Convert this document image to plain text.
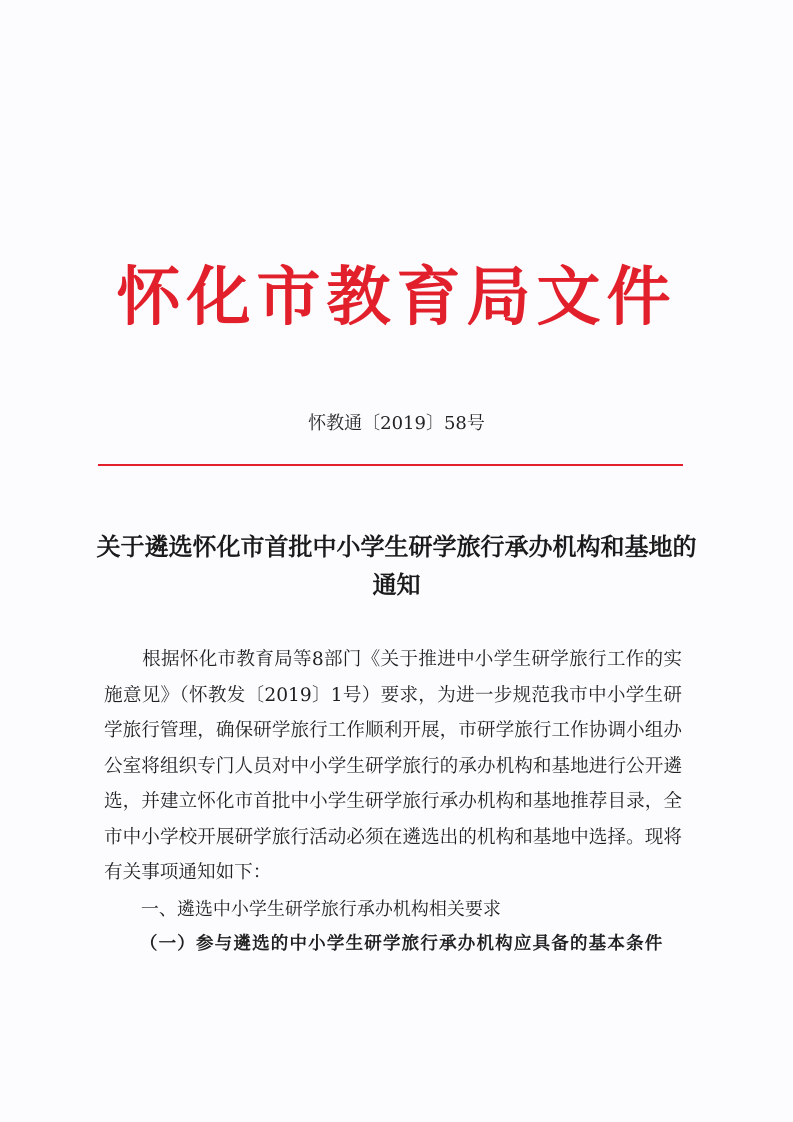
怀化市教育局文件
怀教通〔2019〕58号
关于遴选怀化市首批中小学生研学旅行承办机构和基地的通知

根据怀化市教育局等8部门《关于推进中小学生研学旅行工作的实施意见》（怀教发〔2019〕1号）要求，为进一步规范我市中小学生研学旅行管理，确保研学旅行工作顺利开展，市研学旅行工作协调小组办公室将组织专门人员对中小学生研学旅行的承办机构和基地进行公开遴选，并建立怀化市首批中小学生研学旅行承办机构和基地推荐目录，全市中小学校开展研学旅行活动必须在遴选出的机构和基地中选择。现将有关事项通知如下：

一、遴选中小学生研学旅行承办机构相关要求

（一）参与遴选的中小学生研学旅行承办机构应具备的基本条件
